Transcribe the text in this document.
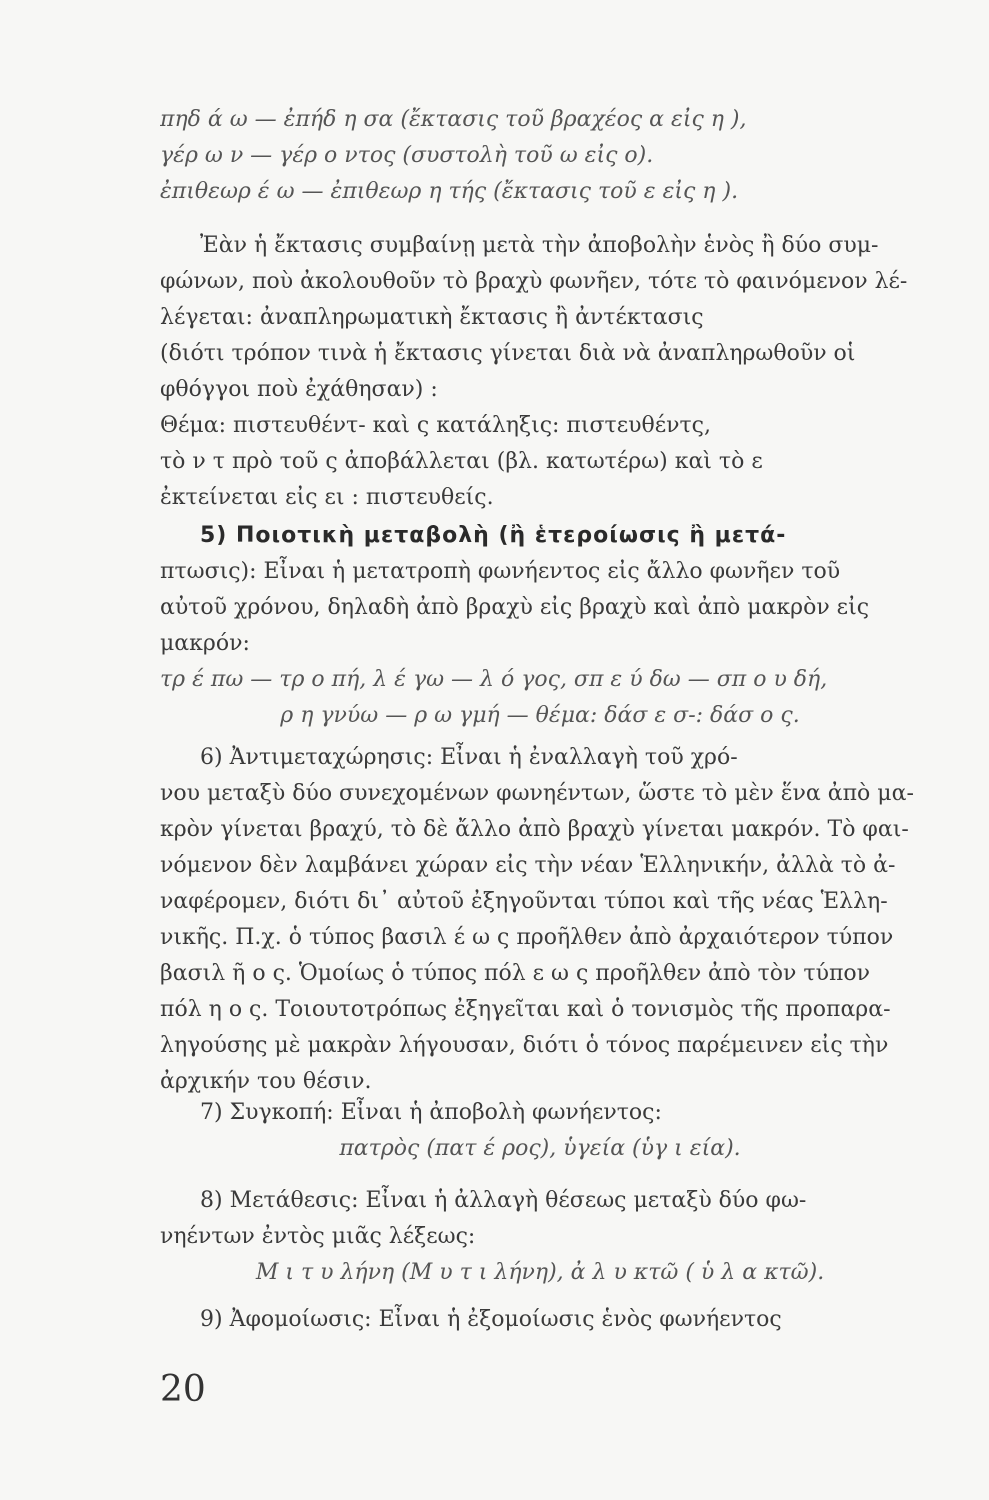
πηδ ά ω — ἐπήδ η σα (ἔκτασις τοῦ βραχέος α εἰς η ),
γέρ ω ν — γέρ ο ντος (συστολὴ τοῦ ω εἰς ο).
ἐπιθεωρ έ ω — ἐπιθεωρ η τής (ἔκτασις τοῦ ε εἰς η ).
Ἐὰν ἡ ἔκτασις συμβαίνῃ μετὰ τὴν ἀποβολὴν ἑνὸς ἢ δύο συμ-
φώνων, ποὺ ἀκολουθοῦν τὸ βραχὺ φωνῆεν, τότε τὸ φαινόμενον λέ-
λέγεται: ἀναπληρωματικὴ ἔκτασις ἢ ἀντέκτασις
(διότι τρόπον τινὰ ἡ ἔκτασις γίνεται διὰ νὰ ἀναπληρωθοῦν οἱ
φθόγγοι ποὺ ἐχάθησαν) :
Θέμα: πιστευθέντ- καὶ ς κατάληξις: πιστευθέντς,
τὸ ν τ πρὸ τοῦ ς ἀποβάλλεται (βλ. κατωτέρω) καὶ τὸ ε
ἐκτείνεται εἰς ει : πιστευθείς.
5) Ποιοτικὴ μεταβολὴ (ἢ ἑτεροίωσις ἢ μετά-
πτωσις): Εἶναι ἡ μετατροπὴ φωνήεντος εἰς ἄλλο φωνῆεν τοῦ
αὐτοῦ χρόνου, δηλαδὴ ἀπὸ βραχὺ εἰς βραχὺ καὶ ἀπὸ μακρὸν εἰς
μακρόν:
τρ έ πω — τρ ο πή, λ έ γω — λ ό γος, σπ ε ύ δω — σπ ο υ δή,
ρ η γνύω — ρ ω γμή — θέμα: δάσ ε σ-: δάσ ο ς.
6) Ἀντιμεταχώρησις: Εἶναι ἡ ἐναλλαγὴ τοῦ χρό-
νου μεταξὺ δύο συνεχομένων φωνηέντων, ὥστε τὸ μὲν ἕνα ἀπὸ μα-
κρὸν γίνεται βραχύ, τὸ δὲ ἄλλο ἀπὸ βραχὺ γίνεται μακρόν. Τὸ φαι-
νόμενον δὲν λαμβάνει χώραν εἰς τὴν νέαν Ἑλληνικήν, ἀλλὰ τὸ ἀ-
ναφέρομεν, διότι δι᾽ αὐτοῦ ἐξηγοῦνται τύποι καὶ τῆς νέας Ἑλλη-
νικῆς. Π.χ. ὁ τύπος βασιλ έ ω ς προῆλθεν ἀπὸ ἀρχαιότερον τύπον
βασιλ ῆ ο ς. Ὁμοίως ὁ τύπος πόλ ε ω ς προῆλθεν ἀπὸ τὸν τύπον
πόλ η ο ς. Τοιουτοτρόπως ἐξηγεῖται καὶ ὁ τονισμὸς τῆς προπαρα-
ληγούσης μὲ μακρὰν λήγουσαν, διότι ὁ τόνος παρέμεινεν εἰς τὴν
ἀρχικήν του θέσιν.
7) Συγκοπή: Εἶναι ἡ ἀποβολὴ φωνήεντος:
πατρὸς (πατ έ ρος), ὑγεία (ὑγ ι εία).
8) Μετάθεσις: Εἶναι ἡ ἀλλαγὴ θέσεως μεταξὺ δύο φω-
νηέντων ἐντὸς μιᾶς λέξεως:
Μ ι τ υ λήνη (Μ υ τ ι λήνη), ἀ λ υ κτῶ ( ὑ λ α κτῶ).
9) Ἀφομοίωσις: Εἶναι ἡ ἐξομοίωσις ἑνὸς φωνήεντος
20
